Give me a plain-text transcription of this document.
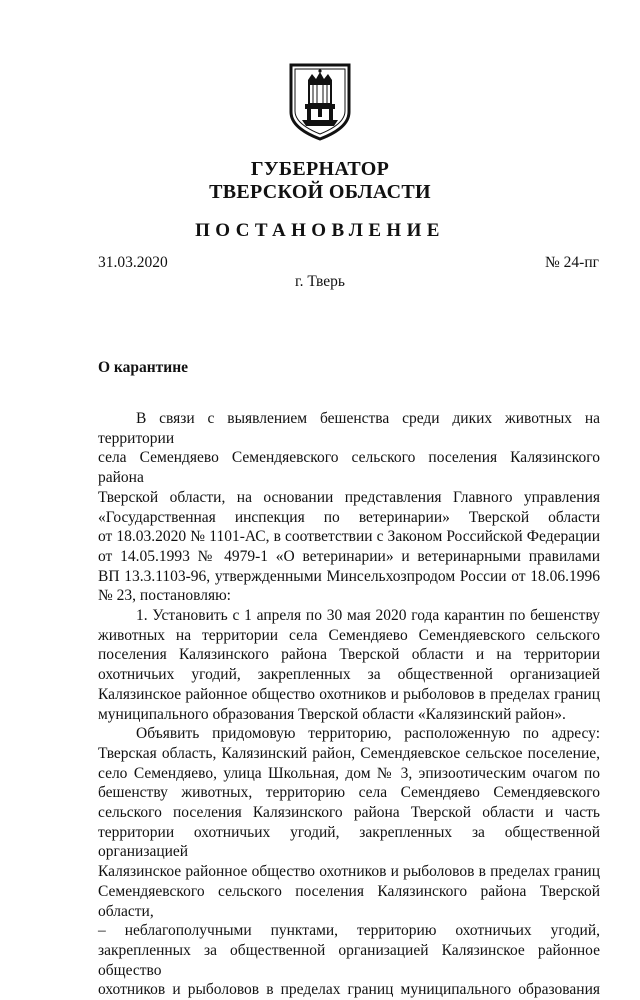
ГУБЕРНАТОР
ТВЕРСКОЙ ОБЛАСТИ
ПОСТАНОВЛЕНИЕ
31.03.2020	№ 24-пг
г. Тверь
О карантине

В связи с выявлением бешенства среди диких животных на территории

села Семендяево Семендяевского сельского поселения Калязинского района

Тверской области, на основании представления Главного управления

«Государственная инспекция по ветеринарии» Тверской области

от 18.03.2020 № 1101-АС, в соответствии с Законом Российской Федерации

от 14.05.1993 № 4979-1 «О ветеринарии» и ветеринарными правилами

ВП 13.3.1103-96, утвержденными Минсельхозпродом России от 18.06.1996

№ 23, постановляю:

1. Установить с 1 апреля по 30 мая 2020 года карантин по бешенству

животных на территории села Семендяево Семендяевского сельского

поселения Калязинского района Тверской области и на территории

охотничьих угодий, закрепленных за общественной организацией

Калязинское районное общество охотников и рыболовов в пределах границ

муниципального образования Тверской области «Калязинский район».

Объявить придомовую территорию, расположенную по адресу:

Тверская область, Калязинский район, Семендяевское сельское поселение,

село Семендяево, улица Школьная, дом № 3, эпизоотическим очагом по

бешенству животных, территорию села Семендяево Семендяевского

сельского поселения Калязинского района Тверской области и часть

территории охотничьих угодий, закрепленных за общественной организацией

Калязинское районное общество охотников и рыболовов в пределах границ

Семендяевского сельского поселения Калязинского района Тверской области,

– неблагополучными пунктами, территорию охотничьих угодий,

закрепленных за общественной организацией Калязинское районное общество

охотников и рыболовов в пределах границ муниципального образования
